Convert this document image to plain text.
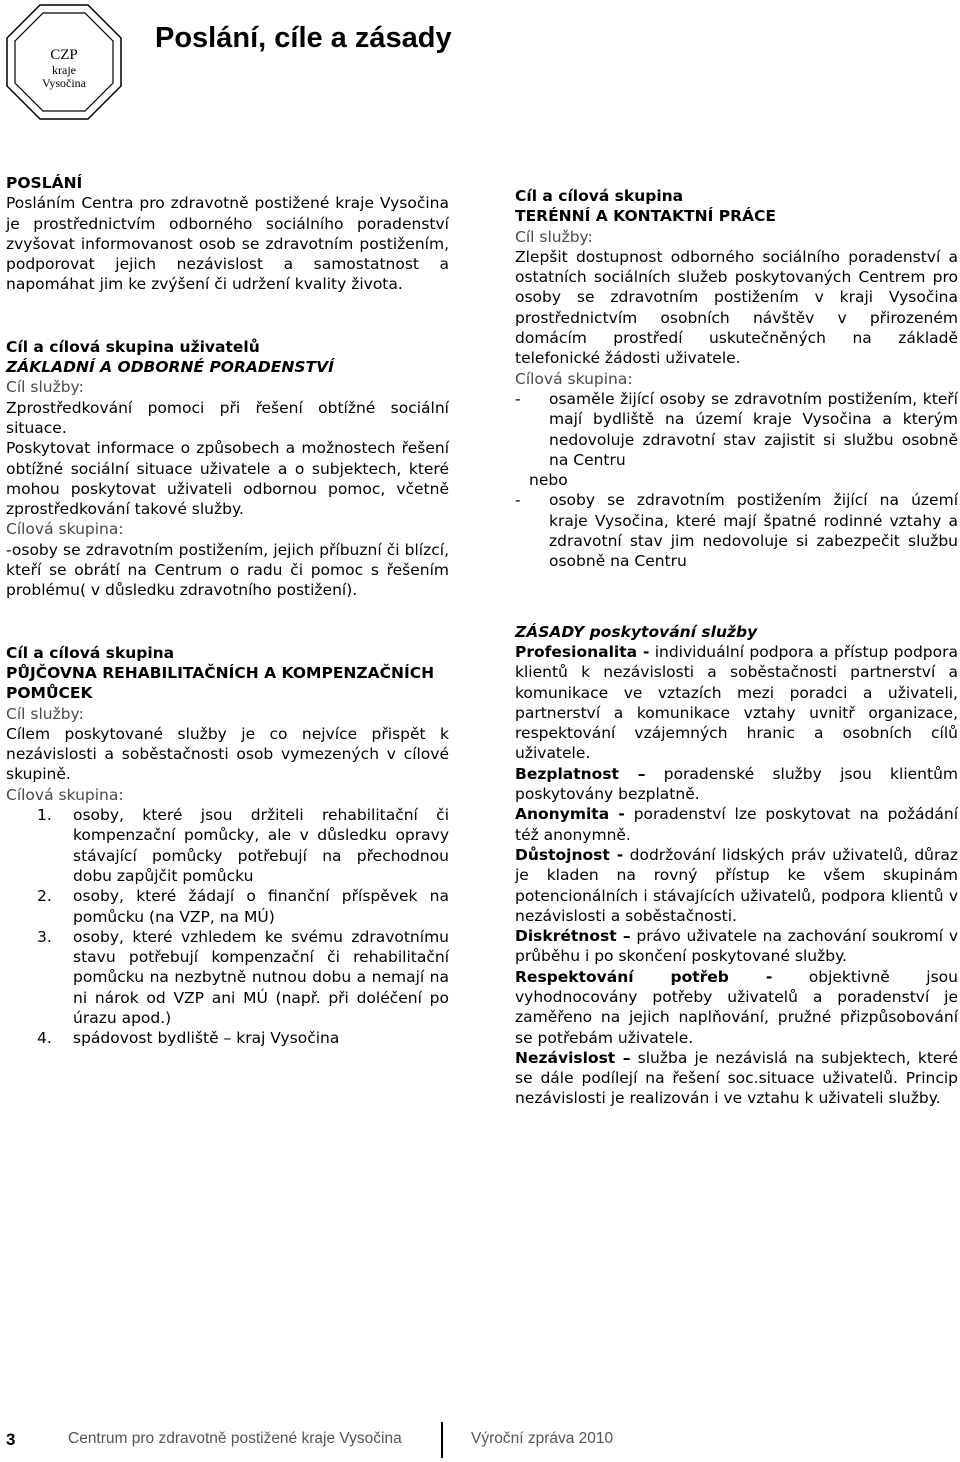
CZP
kraje
Vysočina
Poslání, cíle a zásady

POSLÁNÍ

Posláním Centra pro zdravotně postižené kraje Vysočina je prostřednictvím odborného sociálního poradenství zvyšovat informovanost osob se zdravotním postižením, podporovat jejich nezávislost a samostatnost a napomáhat jim ke zvýšení či udržení kvality života.

Cíl a cílová skupina uživatelů

ZÁKLADNÍ A ODBORNÉ PORADENSTVÍ

Cíl služby:

Zprostředkování pomoci při řešení obtížné sociální situace.

Poskytovat informace o způsobech a možnostech řešení obtížné sociální situace uživatele a o subjektech, které mohou poskytovat uživateli odbornou pomoc, včetně zprostředkování takové služby.

Cílová skupina:

-osoby se zdravotním postižením, jejich příbuzní či blízcí, kteří se obrátí na Centrum o radu či pomoc s řešením problému( v důsledku zdravotního postižení).

Cíl a cílová skupina

PŮJČOVNA REHABILITAČNÍCH A KOMPENZAČNÍCH POMŮCEK

Cíl služby:

Cílem poskytované služby je co nejvíce přispět k nezávislosti a soběstačnosti osob vymezených v cílové skupině.

Cílová skupina:

1.	osoby, které jsou držiteli rehabilitační či kompenzační pomůcky, ale v důsledku opravy stávající pomůcky potřebují na přechodnou dobu zapůjčit pomůcku
2.	osoby, které žádají o finanční příspěvek na pomůcku (na VZP, na MÚ)
3.	osoby, které vzhledem ke svému zdravotnímu stavu potřebují kompenzační či rehabilitační pomůcku na nezbytně nutnou dobu a nemají na ni nárok od VZP ani MÚ (např. při doléčení po úrazu apod.)
4.	spádovost bydliště – kraj Vysočina

Cíl a cílová skupina

TERÉNNÍ A KONTAKTNÍ PRÁCE

Cíl služby:

Zlepšit dostupnost odborného sociálního poradenství a ostatních sociálních služeb poskytovaných Centrem pro osoby se zdravotním postižením v kraji Vysočina prostřednictvím osobních návštěv v přirozeném domácím prostředí uskutečněných na základě telefonické žádosti uživatele.

Cílová skupina:

-	osaměle žijící osoby se zdravotním postižením, kteří mají bydliště na území kraje Vysočina a kterým nedovoluje zdravotní stav zajistit si službu osobně na Centru

nebo

-	osoby se zdravotním postižením žijící na území kraje Vysočina, které mají špatné rodinné vztahy a zdravotní stav jim nedovoluje si zabezpečit službu osobně na Centru

ZÁSADY poskytování služby

Profesionalita - individuální podpora a přístup podpora klientů k nezávislosti a soběstačnosti partnerství a komunikace ve vztazích mezi poradci a uživateli, partnerství a komunikace vztahy uvnitř organizace, respektování vzájemných hranic a osobních cílů uživatele.

Bezplatnost – poradenské služby jsou klientům poskytovány bezplatně.

Anonymita - poradenství lze poskytovat na požádání též anonymně.

Důstojnost - dodržování lidských práv uživatelů, důraz je kladen na rovný přístup ke všem skupinám potencionálních i stávajících uživatelů, podpora klientů v nezávislosti a soběstačnosti.

Diskrétnost – právo uživatele na zachování soukromí v průběhu i po skončení poskytované služby.

Respektování potřeb - objektivně jsou vyhodnocovány potřeby uživatelů a poradenství je zaměřeno na jejich naplňování, pružné přizpůsobování se potřebám uživatele.

Nezávislost – služba je nezávislá na subjektech, které se dále podílejí na řešení soc.situace uživatelů. Princip nezávislosti je realizován i ve vztahu k uživateli služby.

3	Centrum pro zdravotně postižené kraje Vysočina	Výroční zpráva 2010
